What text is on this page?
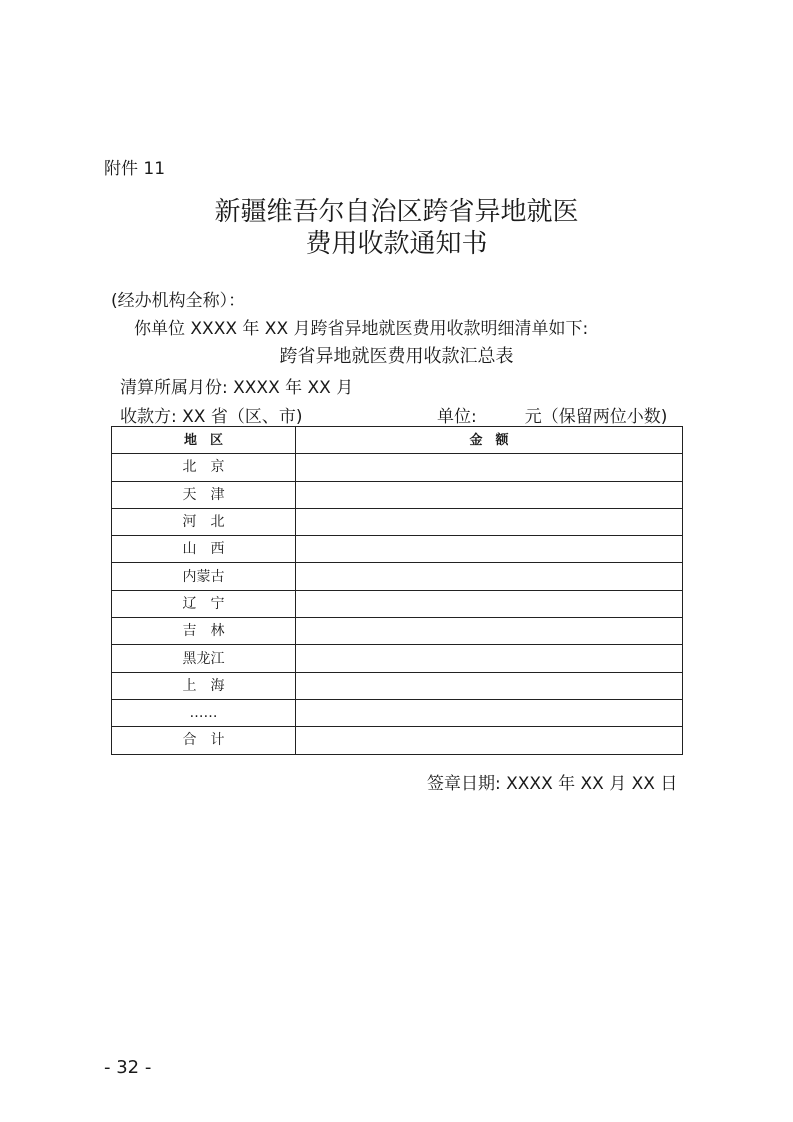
附件 11
新疆维吾尔自治区跨省异地就医
费用收款通知书
(经办机构全称）：
你单位 XXXX 年 XX 月跨省异地就医费用收款明细清单如下:
跨省异地就医费用收款汇总表
清算所属月份: XXXX 年 XX 月
收款方: XX 省（区、市)	单位:	元（保留两位小数)
地　区	金　额
北　京	
天　津	
河　北	
山　西	
内蒙古	
辽　宁	
吉　林	
黑龙江	
上　海	
……	
合　计	
签章日期: XXXX 年 XX 月 XX 日
- 32 -
